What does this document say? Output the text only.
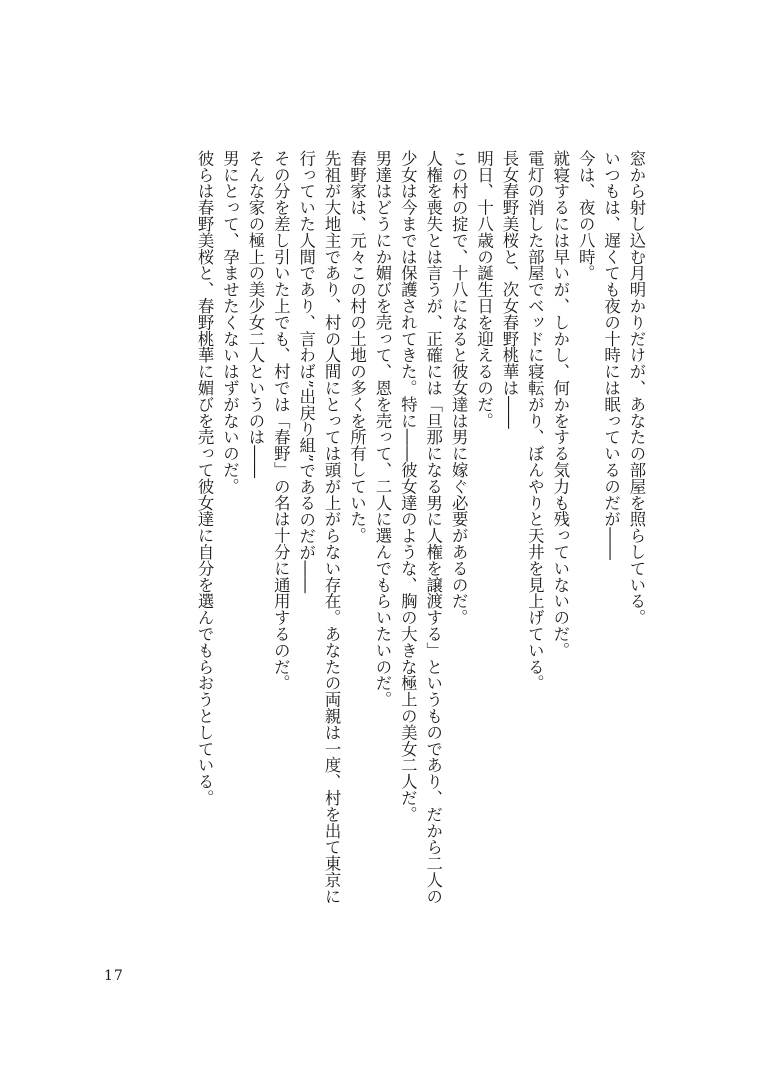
窓から射し込む月明かりだけが、あなたの部屋を照らしている。

いつもは、遅くても夜の十時には眠っているのだが――

今は、夜の八時。

就寝するには早いが、しかし、何かをする気力も残っていないのだ。

電灯の消した部屋でベッドに寝転がり、ぼんやりと天井を見上げている。

長女春野美桜と、次女春野桃華は――

明日、十八歳の誕生日を迎えるのだ。

この村の掟で、十八になると彼女達は男に嫁ぐ必要があるのだ。

人権を喪失とは言うが、正確には「旦那になる男に人権を譲渡する」というものであり、だから二人の少女は今までは保護されてきた。特に――彼女達のような、胸の大きな極上の美女二人だ。

男達はどうにか媚びを売って、恩を売って、二人に選んでもらいたいのだ。

春野家は、元々この村の土地の多くを所有していた。

先祖が大地主であり、村の人間にとっては頭が上がらない存在。あなたの両親は一度、村を出て東京に行っていた人間であり、言わば”出戻り組”であるのだが――

その分を差し引いた上でも、村では「春野」の名は十分に通用するのだ。

そんな家の極上の美少女二人というのは――

男にとって、孕ませたくないはずがないのだ。

彼らは春野美桜と、春野桃華に媚びを売って彼女達に自分を選んでもらおうとしている。

17
